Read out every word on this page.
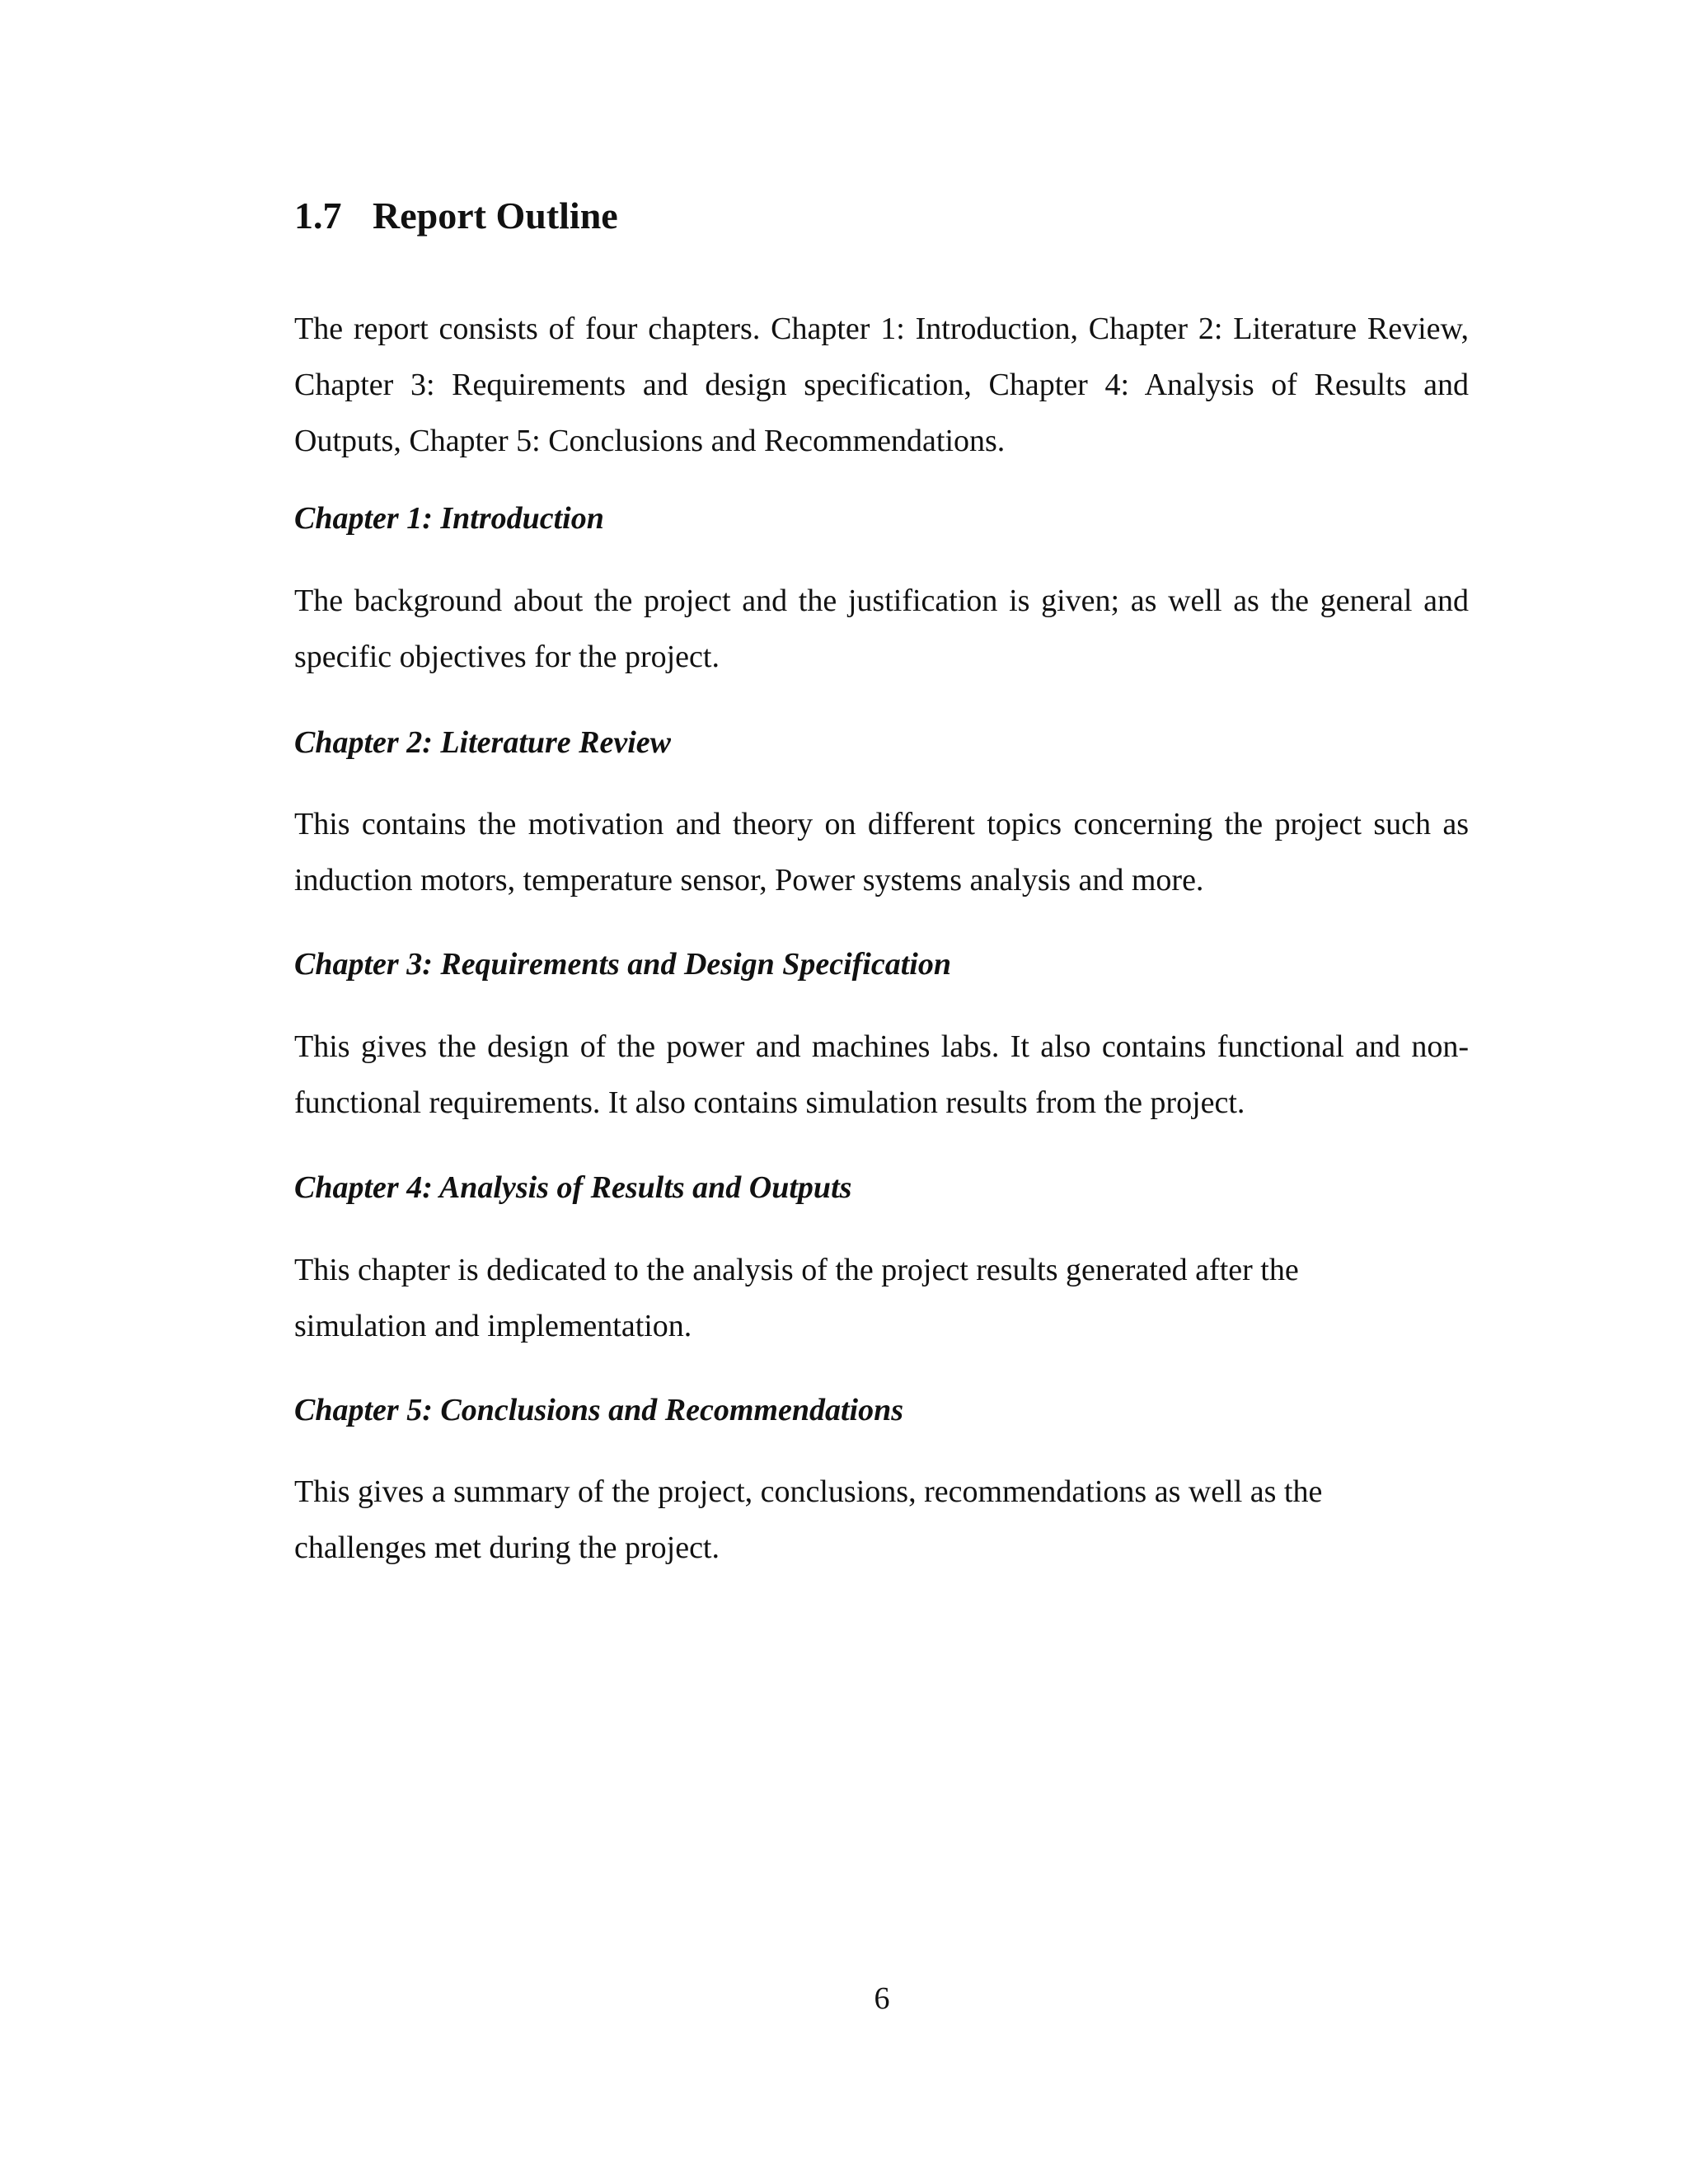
1.7 Report Outline

The report consists of four chapters. Chapter 1: Introduction, Chapter 2: Literature Review, Chapter 3: Requirements and design specification, Chapter 4: Analysis of Results and Outputs, Chapter 5: Conclusions and Recommendations.

Chapter 1: Introduction

The background about the project and the justification is given; as well as the general and specific objectives for the project.

Chapter 2: Literature Review

This contains the motivation and theory on different topics concerning the project such as induction motors, temperature sensor, Power systems analysis and more.

Chapter 3: Requirements and Design Specification

This gives the design of the power and machines labs. It also contains functional and non-functional requirements. It also contains simulation results from the project.

Chapter 4: Analysis of Results and Outputs

This chapter is dedicated to the analysis of the project results generated after the simulation and implementation.

Chapter 5: Conclusions and Recommendations

This gives a summary of the project, conclusions, recommendations as well as the challenges met during the project.

6
